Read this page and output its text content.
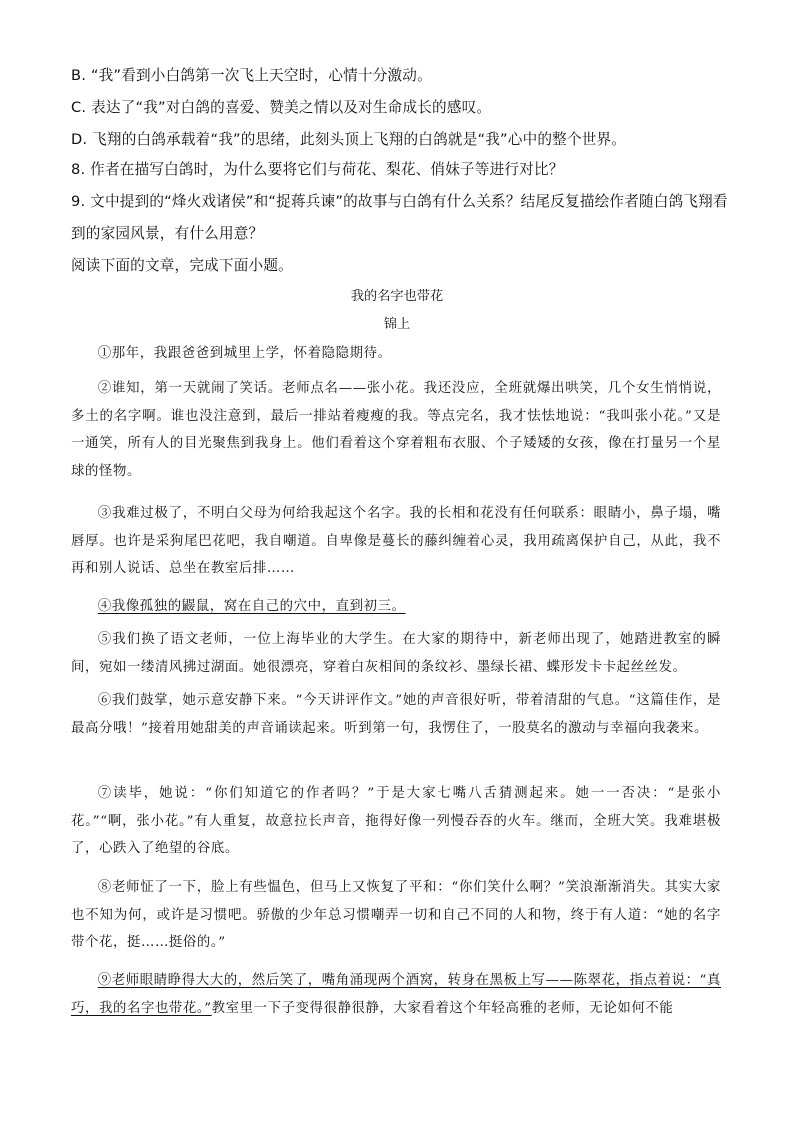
B. “我”看到小白鸽第一次飞上天空时，心情十分激动。
C. 表达了“我”对白鸽的喜爱、赞美之情以及对生命成长的感叹。
D. 飞翔的白鸽承载着“我”的思绪，此刻头顶上飞翔的白鸽就是“我”心中的整个世界。
8. 作者在描写白鸽时，为什么要将它们与荷花、梨花、俏妹子等进行对比？
9. 文中提到的“烽火戏诸侯”和“捉蒋兵谏”的故事与白鸽有什么关系？结尾反复描绘作者随白鸽飞翔看
到的家园风景，有什么用意？
阅读下面的文章，完成下面小题。
我的名字也带花
锦上
①那年，我跟爸爸到城里上学，怀着隐隐期待。
②谁知，第一天就闹了笑话。老师点名——张小花。我还没应，全班就爆出哄笑，几个女生悄悄说，多土的名字啊。谁也没注意到，最后一排站着瘦瘦的我。等点完名，我才怯怯地说：“我叫张小花。”又是一通笑，所有人的目光聚焦到我身上。他们看着这个穿着粗布衣服、个子矮矮的女孩，像在打量另一个星球的怪物。
③我难过极了，不明白父母为何给我起这个名字。我的长相和花没有任何联系：眼睛小，鼻子塌，嘴唇厚。也许是采狗尾巴花吧，我自嘲道。自卑像是蔓长的藤纠缠着心灵，我用疏离保护自己，从此，我不再和别人说话、总坐在教室后排……
④我像孤独的鼹鼠，窝在自己的穴中，直到初三。
⑤我们换了语文老师，一位上海毕业的大学生。在大家的期待中，新老师出现了，她踏进教室的瞬间，宛如一缕清风拂过湖面。她很漂亮，穿着白灰相间的条纹衫、墨绿长裙、蝶形发卡卡起丝丝发。
⑥我们鼓掌，她示意安静下来。“今天讲评作文。”她的声音很好听，带着清甜的气息。“这篇佳作，是最高分哦！”接着用她甜美的声音诵读起来。听到第一句，我愣住了，一股莫名的激动与幸福向我袭来。
⑦读毕，她说：“你们知道它的作者吗？”于是大家七嘴八舌猜测起来。她一一否决：“是张小花。”“啊，张小花。”有人重复，故意拉长声音，拖得好像一列慢吞吞的火车。继而，全班大笑。我难堪极了，心跌入了绝望的谷底。
⑧老师怔了一下，脸上有些愠色，但马上又恢复了平和：“你们笑什么啊？”笑浪渐渐消失。其实大家也不知为何，或许是习惯吧。骄傲的少年总习惯嘲弄一切和自己不同的人和物，终于有人道：“她的名字带个花，挺……挺俗的。”
⑨老师眼睛睁得大大的，然后笑了，嘴角涌现两个酒窝，转身在黑板上写——陈翠花，指点着说：“真巧，我的名字也带花。”教室里一下子变得很静很静，大家看着这个年轻高雅的老师，无论如何不能
